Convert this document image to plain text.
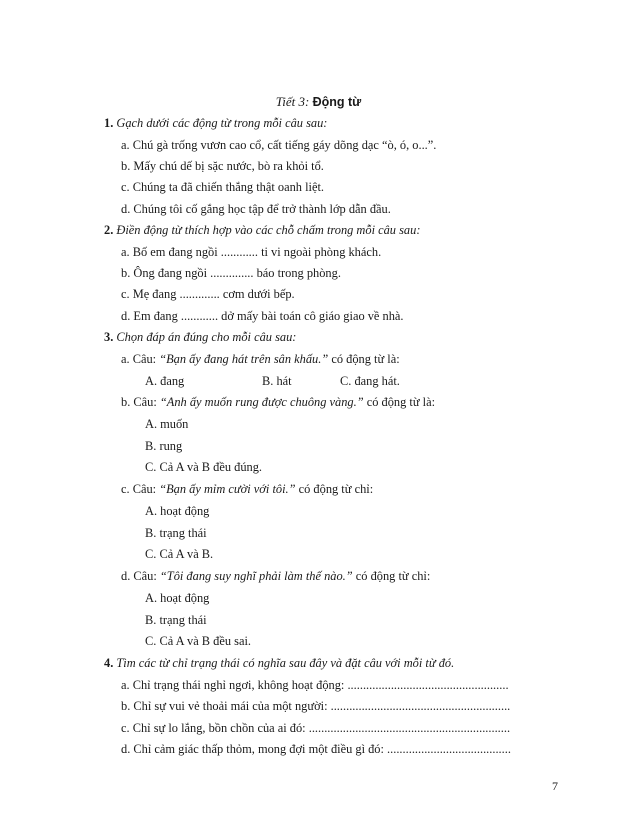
Tiết 3: Động từ
1. Gạch dưới các động từ trong mỗi câu sau:
a. Chú gà trống vươn cao cổ, cất tiếng gáy dõng dạc “ò, ó, o...”.
b. Mấy chú dế bị sặc nước, bò ra khỏi tổ.
c. Chúng ta đã chiến thắng thật oanh liệt.
d. Chúng tôi cố gắng học tập để trở thành lớp dẫn đầu.
2. Điền động từ thích hợp vào các chỗ chấm trong mỗi câu sau:
a. Bố em đang ngồi ............ ti vi ngoài phòng khách.
b. Ông đang ngồi .............. báo trong phòng.
c. Mẹ đang ............. cơm dưới bếp.
d. Em đang ............ dở mấy bài toán cô giáo giao về nhà.
3. Chọn đáp án đúng cho mỗi câu sau:
a. Câu: “Bạn ấy đang hát trên sân khấu.” có động từ là:
A. đang	B. hát	C. đang hát.
b. Câu: “Anh ấy muốn rung được chuông vàng.” có động từ là:
A. muốn
B. rung
C. Cả A và B đều đúng.
c. Câu: “Bạn ấy mỉm cười với tôi.” có động từ chỉ:
A. hoạt động
B. trạng thái
C. Cả A và B.
d. Câu: “Tôi đang suy nghĩ phải làm thế nào.” có động từ chỉ:
A. hoạt động
B. trạng thái
C. Cả A và B đều sai.
4. Tìm các từ chỉ trạng thái có nghĩa sau đây và đặt câu với mỗi từ đó.
a. Chỉ trạng thái nghỉ ngơi, không hoạt động: ....................................................
b. Chỉ sự vui vẻ thoải mái của một người: ..........................................................
c. Chỉ sự lo lắng, bồn chồn của ai đó: .................................................................
d. Chỉ cảm giác thấp thỏm, mong đợi một điều gì đó: ........................................
7
